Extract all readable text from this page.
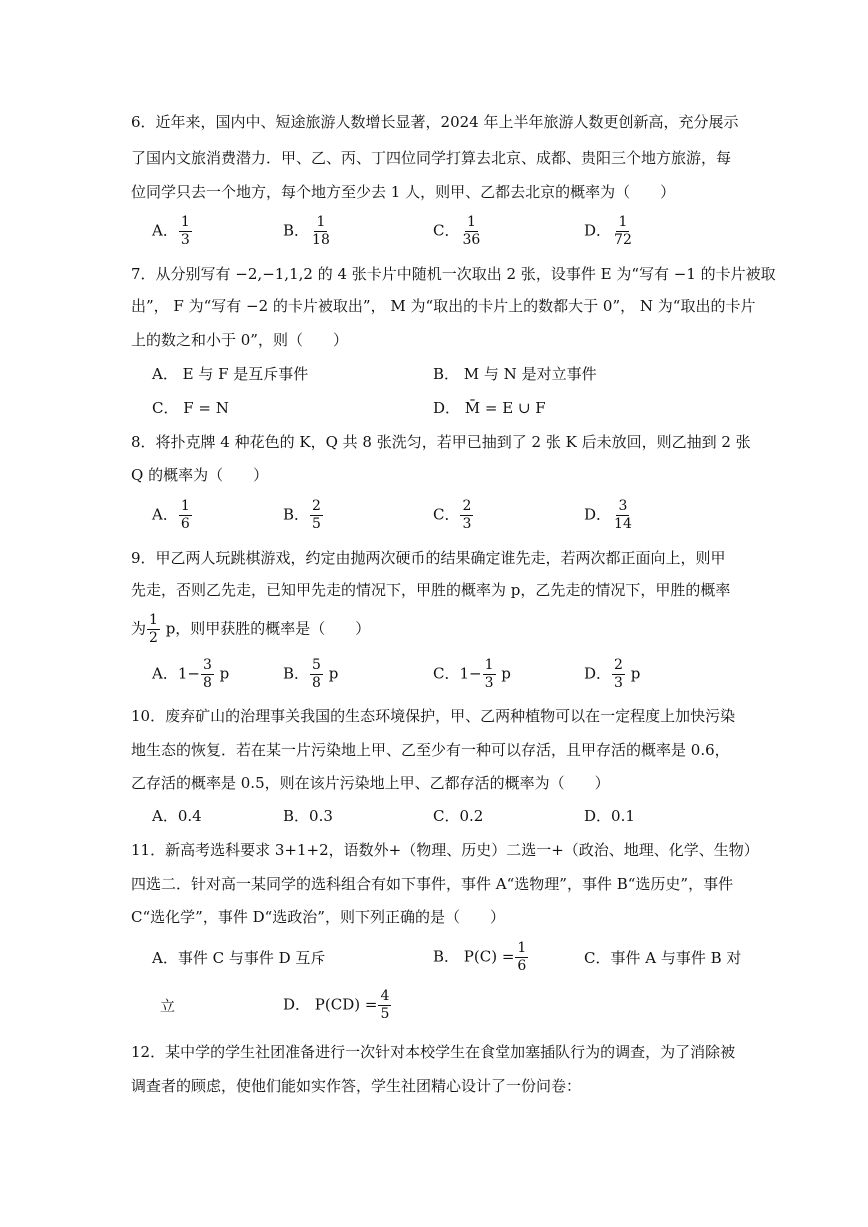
6．近年来，国内中、短途旅游人数增长显著，2024 年上半年旅游人数更创新高，充分展示
了国内文旅消费潜力．甲、乙、丙、丁四位同学打算去北京、成都、贵阳三个地方旅游，每
位同学只去一个地方，每个地方至少去 1 人，则甲、乙都去北京的概率为（　　）
A． $\frac{1}{3}$	B． $\frac{1}{18}$	C． $\frac{1}{36}$	D． $\frac{1}{72}$
7．从分别写有 −2,−1,1,2 的 4 张卡片中随机一次取出 2 张，设事件 E 为“写有 −1 的卡片被取
出”， F 为“写有 −2 的卡片被取出”， M 为“取出的卡片上的数都大于 0”， N 为“取出的卡片
上的数之和小于 0”，则（　　）
A． E 与 F 是互斥事件	B． M 与 N 是对立事件
C． F = N	D． M̄ = E ∪ F
8．将扑克牌 4 种花色的 K，Q 共 8 张洗匀，若甲已抽到了 2 张 K 后未放回，则乙抽到 2 张
Q 的概率为（　　）
A． $\frac{1}{6}$	B． $\frac{2}{5}$	C． $\frac{2}{3}$	D． $\frac{3}{14}$
9．甲乙两人玩跳棋游戏，约定由抛两次硬币的结果确定谁先走，若两次都正面向上，则甲
先走，否则乙先走，已知甲先走的情况下，甲胜的概率为 p，乙先走的情况下，甲胜的概率
为 $\frac{1}{2}$ p，则甲获胜的概率是（　　）
A．$1- \frac{3}{8}$ p	B． $\frac{5}{8}$ p	C．$1- \frac{1}{3}$ p	D． $\frac{2}{3}$ p
10．废弃矿山的治理事关我国的生态环境保护，甲、乙两种植物可以在一定程度上加快污染
地生态的恢复．若在某一片污染地上甲、乙至少有一种可以存活，且甲存活的概率是 0.6，
乙存活的概率是 0.5，则在该片污染地上甲、乙都存活的概率为（　　）
A．0.4	B．0.3	C．0.2	D．0.1
11．新高考选科要求 3+1+2，语数外+（物理、历史）二选一+（政治、地理、化学、生物）
四选二．针对高一某同学的选科组合有如下事件，事件 A“选物理”，事件 B“选历史”，事件
C“选化学”，事件 D“选政治”，则下列正确的是（　　）
A．事件 C 与事件 D 互斥	B． $P(C) = \frac{1}{6}$	C．事件 A 与事件 B 对
立	D． $P(CD) = \frac{4}{5}$
12．某中学的学生社团准备进行一次针对本校学生在食堂加塞插队行为的调查，为了消除被
调查者的顾虑，使他们能如实作答，学生社团精心设计了一份问卷：
